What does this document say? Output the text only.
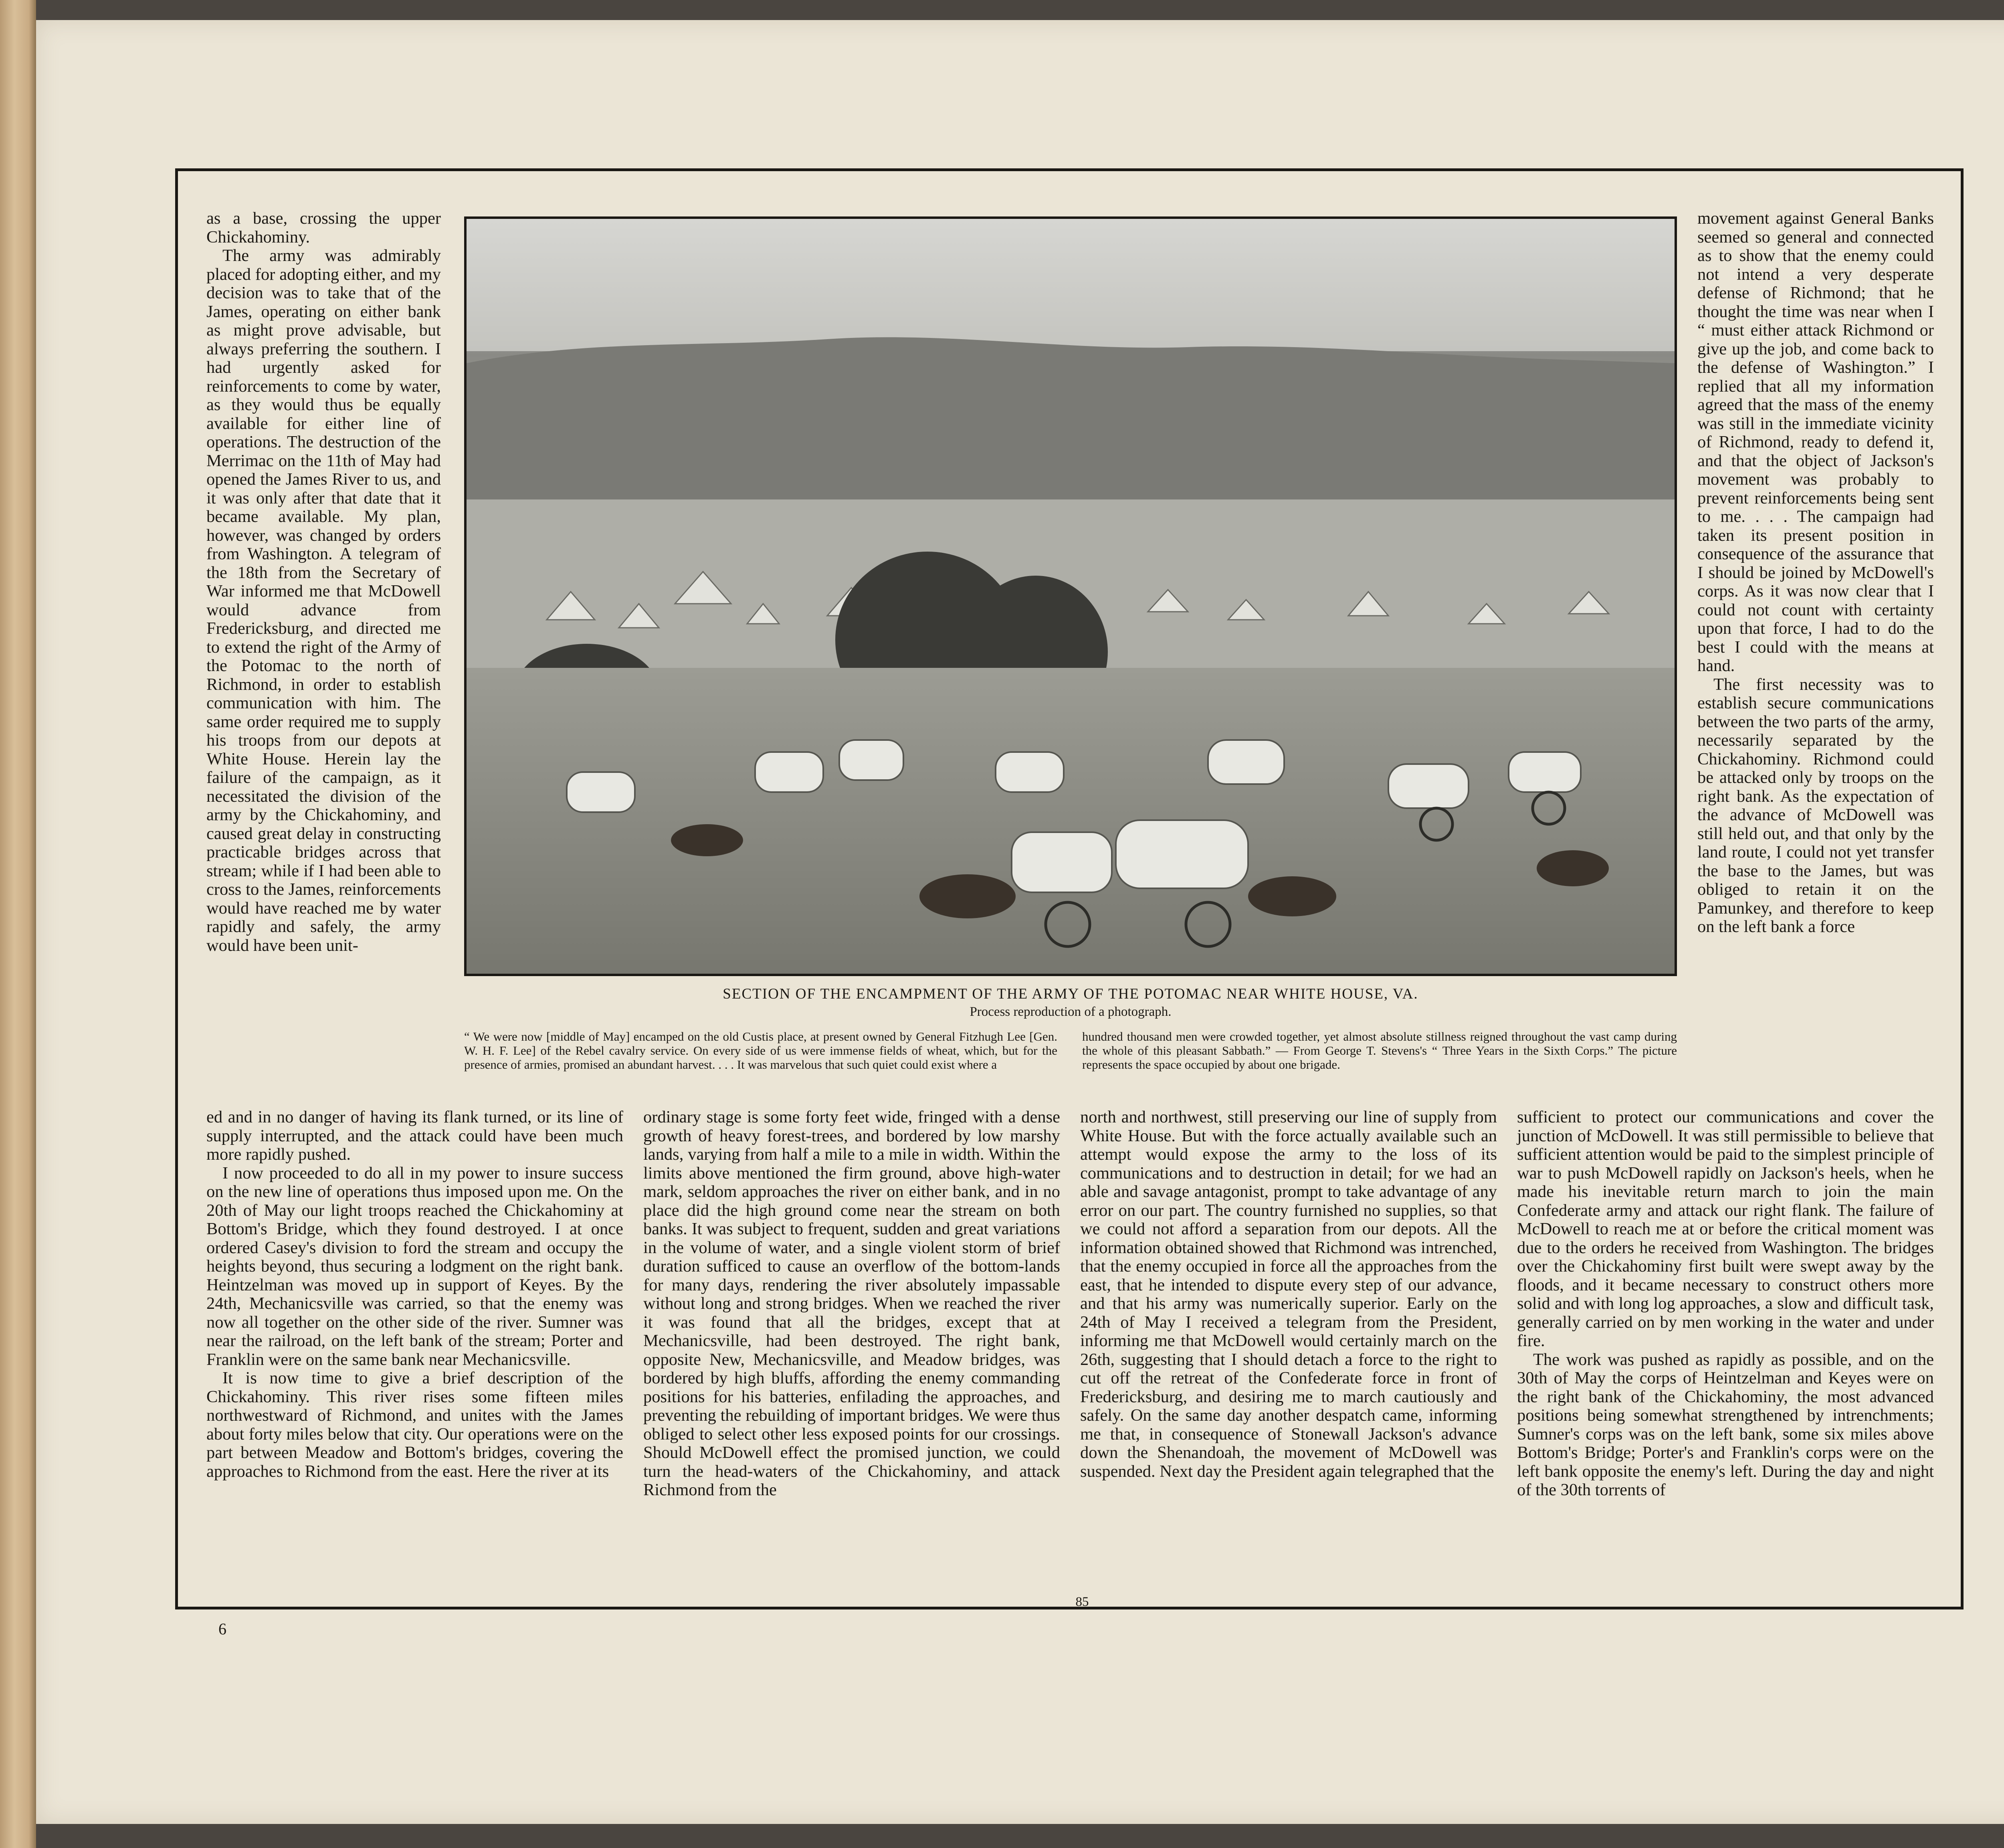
as a base, crossing the upper Chickahominy.

The army was admirably placed for adopting either, and my decision was to take that of the James, operating on either bank as might prove advisable, but always preferring the southern. I had urgently asked for reinforcements to come by water, as they would thus be equally available for either line of operations. The destruction of the Merrimac on the 11th of May had opened the James River to us, and it was only after that date that it became available. My plan, however, was changed by orders from Washington. A telegram of the 18th from the Secretary of War informed me that McDowell would advance from Fredericksburg, and directed me to extend the right of the Army of the Potomac to the north of Richmond, in order to establish communication with him. The same order required me to supply his troops from our depots at White House. Herein lay the failure of the campaign, as it necessitated the division of the army by the Chickahominy, and caused great delay in constructing practicable bridges across that stream; while if I had been able to cross to the James, reinforcements would have reached me by water rapidly and safely, the army would have been unit-

SECTION OF THE ENCAMPMENT OF THE ARMY OF THE POTOMAC NEAR WHITE HOUSE, VA.
Process reproduction of a photograph.
“ We were now [middle of May] encamped on the old Custis place, at present owned by General Fitzhugh Lee [Gen. W. H. F. Lee] of the Rebel cavalry service. On every side of us were immense fields of wheat, which, but for the presence of armies, promised an abundant harvest. . . . It was marvelous that such quiet could exist where a
hundred thousand men were crowded together, yet almost absolute stillness reigned throughout the vast camp during the whole of this pleasant Sabbath.” — From George T. Stevens's “ Three Years in the Sixth Corps.” The picture represents the space occupied by about one brigade.

movement against General Banks seemed so general and connected as to show that the enemy could not intend a very desperate defense of Richmond; that he thought the time was near when I “ must either attack Richmond or give up the job, and come back to the defense of Washington.” I replied that all my information agreed that the mass of the enemy was still in the immediate vicinity of Richmond, ready to defend it, and that the object of Jackson's movement was probably to prevent reinforcements being sent to me. . . . The campaign had taken its present position in consequence of the assurance that I should be joined by McDowell's corps. As it was now clear that I could not count with certainty upon that force, I had to do the best I could with the means at hand.

The first necessity was to establish secure communications between the two parts of the army, necessarily separated by the Chickahominy. Richmond could be attacked only by troops on the right bank. As the expectation of the advance of McDowell was still held out, and that only by the land route, I could not yet transfer the base to the James, but was obliged to retain it on the Pamunkey, and therefore to keep on the left bank a force

ed and in no danger of having its flank turned, or its line of supply interrupted, and the attack could have been much more rapidly pushed.

I now proceeded to do all in my power to insure success on the new line of operations thus imposed upon me. On the 20th of May our light troops reached the Chickahominy at Bottom's Bridge, which they found destroyed. I at once ordered Casey's division to ford the stream and occupy the heights beyond, thus securing a lodgment on the right bank. Heintzelman was moved up in support of Keyes. By the 24th, Mechanicsville was carried, so that the enemy was now all together on the other side of the river. Sumner was near the railroad, on the left bank of the stream; Porter and Franklin were on the same bank near Mechanicsville.

It is now time to give a brief description of the Chickahominy. This river rises some fifteen miles northwestward of Richmond, and unites with the James about forty miles below that city. Our operations were on the part between Meadow and Bottom's bridges, covering the approaches to Richmond from the east. Here the river at its

ordinary stage is some forty feet wide, fringed with a dense growth of heavy forest-trees, and bordered by low marshy lands, varying from half a mile to a mile in width. Within the limits above mentioned the firm ground, above high-water mark, seldom approaches the river on either bank, and in no place did the high ground come near the stream on both banks. It was subject to frequent, sudden and great variations in the volume of water, and a single violent storm of brief duration sufficed to cause an overflow of the bottom-lands for many days, rendering the river absolutely impassable without long and strong bridges. When we reached the river it was found that all the bridges, except that at Mechanicsville, had been destroyed. The right bank, opposite New, Mechanicsville, and Meadow bridges, was bordered by high bluffs, affording the enemy commanding positions for his batteries, enfilading the approaches, and preventing the rebuilding of important bridges. We were thus obliged to select other less exposed points for our crossings. Should McDowell effect the promised junction, we could turn the head-waters of the Chickahominy, and attack Richmond from the

north and northwest, still preserving our line of supply from White House. But with the force actually available such an attempt would expose the army to the loss of its communications and to destruction in detail; for we had an able and savage antagonist, prompt to take advantage of any error on our part. The country furnished no supplies, so that we could not afford a separation from our depots. All the information obtained showed that Richmond was intrenched, that the enemy occupied in force all the approaches from the east, that he intended to dispute every step of our advance, and that his army was numerically superior. Early on the 24th of May I received a telegram from the President, informing me that McDowell would certainly march on the 26th, suggesting that I should detach a force to the right to cut off the retreat of the Confederate force in front of Fredericksburg, and desiring me to march cautiously and safely. On the same day another despatch came, informing me that, in consequence of Stonewall Jackson's advance down the Shenandoah, the movement of McDowell was suspended. Next day the President again telegraphed that the

sufficient to protect our communications and cover the junction of McDowell. It was still permissible to believe that sufficient attention would be paid to the simplest principle of war to push McDowell rapidly on Jackson's heels, when he made his inevitable return march to join the main Confederate army and attack our right flank. The failure of McDowell to reach me at or before the critical moment was due to the orders he received from Washington. The bridges over the Chickahominy first built were swept away by the floods, and it became necessary to construct others more solid and with long log approaches, a slow and difficult task, generally carried on by men working in the water and under fire.

The work was pushed as rapidly as possible, and on the 30th of May the corps of Heintzelman and Keyes were on the right bank of the Chickahominy, the most advanced positions being somewhat strengthened by intrenchments; Sumner's corps was on the left bank, some six miles above Bottom's Bridge; Porter's and Franklin's corps were on the left bank opposite the enemy's left. During the day and night of the 30th torrents of

85
6
